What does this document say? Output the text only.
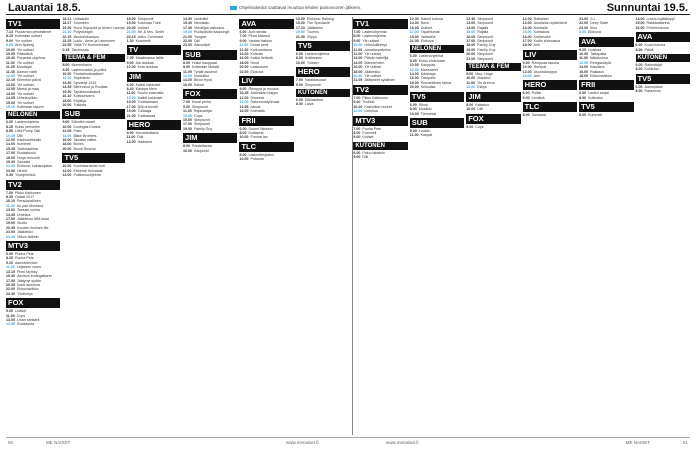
Lauantai 18.5.	Ohjelmatiedot saattavat muuttua lehden painovuoren jälkeen.	Sunnuntai 19.5.
TV1
7.13 Puutarhan petoeläimet
8.15 Kotimaan uutiset
9.00 Yle uutiset
9.05 Arto Nyberg
10.00 Yle uutiset
10.05 Pääsiäsiä
10.40 Perjantai-ohjelma
11.00 Yle uutiset
11.05 Muuttajat
11.45 Aamun vartit
12.00 Yle uutiset
12.10 Kiireetön päivä
13.00 Yle uutiset
13.05 Metsä ja maa
14.00 Yle uutiset
14.05 Urheiluviikko
15.00 Yle uutiset
15.10 Kotimaan kasvot
NELONEN
6.00 Lastenohjelmia
8.25 Kutsu perheelle
8.50 Lifeli Pump Talk
10.45 Diili
12.00 Kauhuseikkailu
14.00 Kummeli
15.45 Talvimaailma
17.00 Ruokakoulu
18.00 Hurja remontti
19.30 Sairaala
21.00 Elokuva: Lainsuojaton
23.00 Hirviöt
0.30 Yöohjelmisto
TV2
7.00 Pikku Kakkonen
8.35 Galaxi 2017
10.10 Persoonallinen
11.30 Au pair Montana
13.00 Tanssin voima
14.45 Urheilua
17.00 Jääkiekon MM-kisat
19.00 Studio
20.45 Kuuden ihmisen ilta
21.00 Jääkiekko
23.30 Viikon tärkein
MTV3
6.00 Puuha Pete
8.25 Puuha Pete
9.10 Aamutelevisio
11.20 Leijonien vuoro
13.10 Pieni Myrsky
15.30 Aavikon kuningattaret
17.00 Jäätynyt sydän
20.30 Kohti aurinkoa
22.00 Elokuvaviikko
23.40 Yölähetys
FOX
9.05 Uutiset
11.00 Cops
13.00 Lihan sankarit
14.55 Ruokasota
18.11 Uutisarkki
18.27 Suomeen
19.30 Ruva Sopupää ja Alvien Laumat
21.10 Polyvikinget
22.15 Muotoilukanava
22.25 Lukio - Amer ja Lamminen
22.55 Vielä TV Kommentaari
0.15 Talvimuuta
TEEMA & FEM
8.00 Mummikanin
9.30 Lastenmarkki ja poika
10.00 Puutarhurikaakkeri
12.10 Sopiminen
13.30 Syndetyt 1915
14.35 Merirosvot ja Ruutiaa
15.30 Tapahtumakasvit
16.10 Kulttuurivarni
18.00 Kirjailija
20.00 Tutkinta
SUB
9.00 Elämäni ostarit
10.00 Kuningas Koriste
12.05 Pako
14.00 Bikini Brothers
16.00 Taivaan valitut
18.00 Bones
20.00 Bondi Rescue
TV5
10.00 Kuulutsarakoen koti
12.00 Extreme Kulvaivat
13.00 Poikkeusohjelma
18.30 Simpsonit
19.00 Kokonaa Tube
20.30 Uutiset
21.00 Mr. & Mrs. Smith
23.15 Alien: Covenant
1.30 Kummelit
TV
7.05 Maailmassa leffat
9.00 Ala tarkkaa
12.00 Esta tarkkaa
JIM
6.00 Kaikki kakkoset
8.40 Kauppa Mein
11.00 Suurin kalarasta
13.00 Kaikki kakkoset
15.00 Trottaamaan
17.00 Diili-remontti
19.00 Tuhlaaja
21.00 Tuhkaavaa
HERO
9.00 Heroeskatasto
11.00 Diili
13.00 Haasteet
14.30 Ilonkriikit
15.40 Neonkatu
17.30 Vierailjan valtuutus
19.00 Puolipäivän kaupungit
21.00 Yongtar
22.00 Diili
23.00 Aamudipit
SUB
8.00 Hullut kauppaat
9.00 Kotimaan Metsät
11.00 Tyhjät asunnot
12.00 Klassikko
14.00 Bikini Hyvä
16.00 Kahvit
FOX
7.00 Kuusi perhe
9.00 Simpsonit
11.00 Rajavartijat
13.00 Cops
15.00 Simpsonit
17.00 Simpsonit
19.00 Family Guy
JIM
8.00 Poistettavaa
10.00 Kaupunki
AVA
6.00 Ava nämäs
7.00 Pirun käsissä
9.00 Vantaa fashion
11.00 Dorad perä
12.30 Kurkuantama
14.00 Kotivalo
16.00 Kaikki tietävät
18.00 Hood
20.00 Laakkonen
22.00 Elokuva
LIV
9.00 Remppa ja muutos
10.45 Australian huippu
12.00 Dimeirat
13.00 Rakennustyömaat
14.55 Aitous
16.00 Kolmatta
FRII
6.00 Suomi Takaisin
8.00 Kotiaseat
10.00 Puuhat lan
TLC
8.00 Lastentiesijoitus
10.00 Puhuvat
13.00 Elokuva: Raining
15.00 The Spectacle
17.10 Jääkiekko
19.00 Tuomio
21.00 Vilppu
TV5
6.00 Lastenohjelmia
8.00 Kotiterassi
10.00 Tulinen
HERO
7.00 Varastosodat
9.00 Simpsonit
KUTONEN
6.00 Dilkiakaiset
8.00 Laiva
TV1
7.00 Lastenohjelmia
8.00 Lastenohjelma
9.00 Yle uutiset
10.00 Urheilulähetys
11.00 Jumalanpalvelus
12.00 Yle uutiset
13.00 Päivän taiteilija
14.00 Mannerheim
16.00 Yle uutiset
18.00 Jääkiekko
20.30 Yle uutiset
21.05 Jäätyneet sydämet
TV2
7.00 Pikku Kakkonen
9.20 Tuulikki
10.20 Kasiviikon nuoret
12.00 Urheilua
MTV3
7.00 Puuha Pete
8.00 Kummeli
9.00 Uutiset
KUTONEN
6.00 Paluu takaisin
9.00 Dilli
12.30 Naiset kotona
14.30 Neon
16.00 Uutiset
17.00 Tapahtumat
19.00 Valtavirta
21.00 Elokuva
NELONEN
6.00 Lastenohjelmat
8.25 Kutsu elokuvaan
10.00 Kauppaa
12.00 Mansaaret
14.00 Kalastaja
16.00 Talvipallo
18.00 Romanttinen tarina
20.00 Kelloaika
TV5
6.00 Rikos
8.00 Musiikki
10.00 Tietovisat
SUB
9.00 Luukku
11.00 Kaupat
12.30 Simpsonit
13.00 Simpsonit
14.00 Rajalla
15.00 Rajalla
16.00 Simpsonit
17.00 Simpsonit
18.00 Family Guy
19.00 Family Guy
20.00 Simpsonit
21.00 Simpsonit
TEEMA & FEM
9.00 Muu, Hugo
10.00 Iltakahvi
11.00 Yle Areena
12.00 Esitys
JIM
8.00 Kalastus
10.00 Diili
FOX
9.00 Cops
12.00 Ratkaiset
13.00 Australian kyläelämä
14.00 Australia
15.00 Kotitalous
16.00 Kotiseudut
17.00 Kodin kunnostus
18.00 Arki
LIV
9.00 Remppaa tauolla
10.00 Rempat
12.00 Asuntokauppa
14.00 Arki
HERO
6.00 Poliisi
9.00 Lentävä
TLC
8.00 Sairaalat
21.00 S.L.
22.00 Deep State
23.00 Kino
0.00 Elokuva
AVA
9.25 Huiskaa
10.00 Taikapaita
11.00 Näkökulma
12.00 Rengasväylä
14.00 Klassikot
16.00 Rakkaus
18.00 Elokuvaviikko
FRII
6.00 Lasten sarjat
8.00 Kotikaisa
TV5
8.00 Kummeli
14.00 Luomu kyttäkuppi
15.00 Rakkaustarina
16.00 Perheelokuva
AVA
6.00 Kuusi kotona
8.00 Päivä
KUTONEN
6.00 Rakentajat
8.00 Kotikutsu
TV5
6.00 Aamupäivä
8.00 Rakennus
60	ME NAISET	www.menaiset.fi	www.menaiset.fi	ME NAISET	61
